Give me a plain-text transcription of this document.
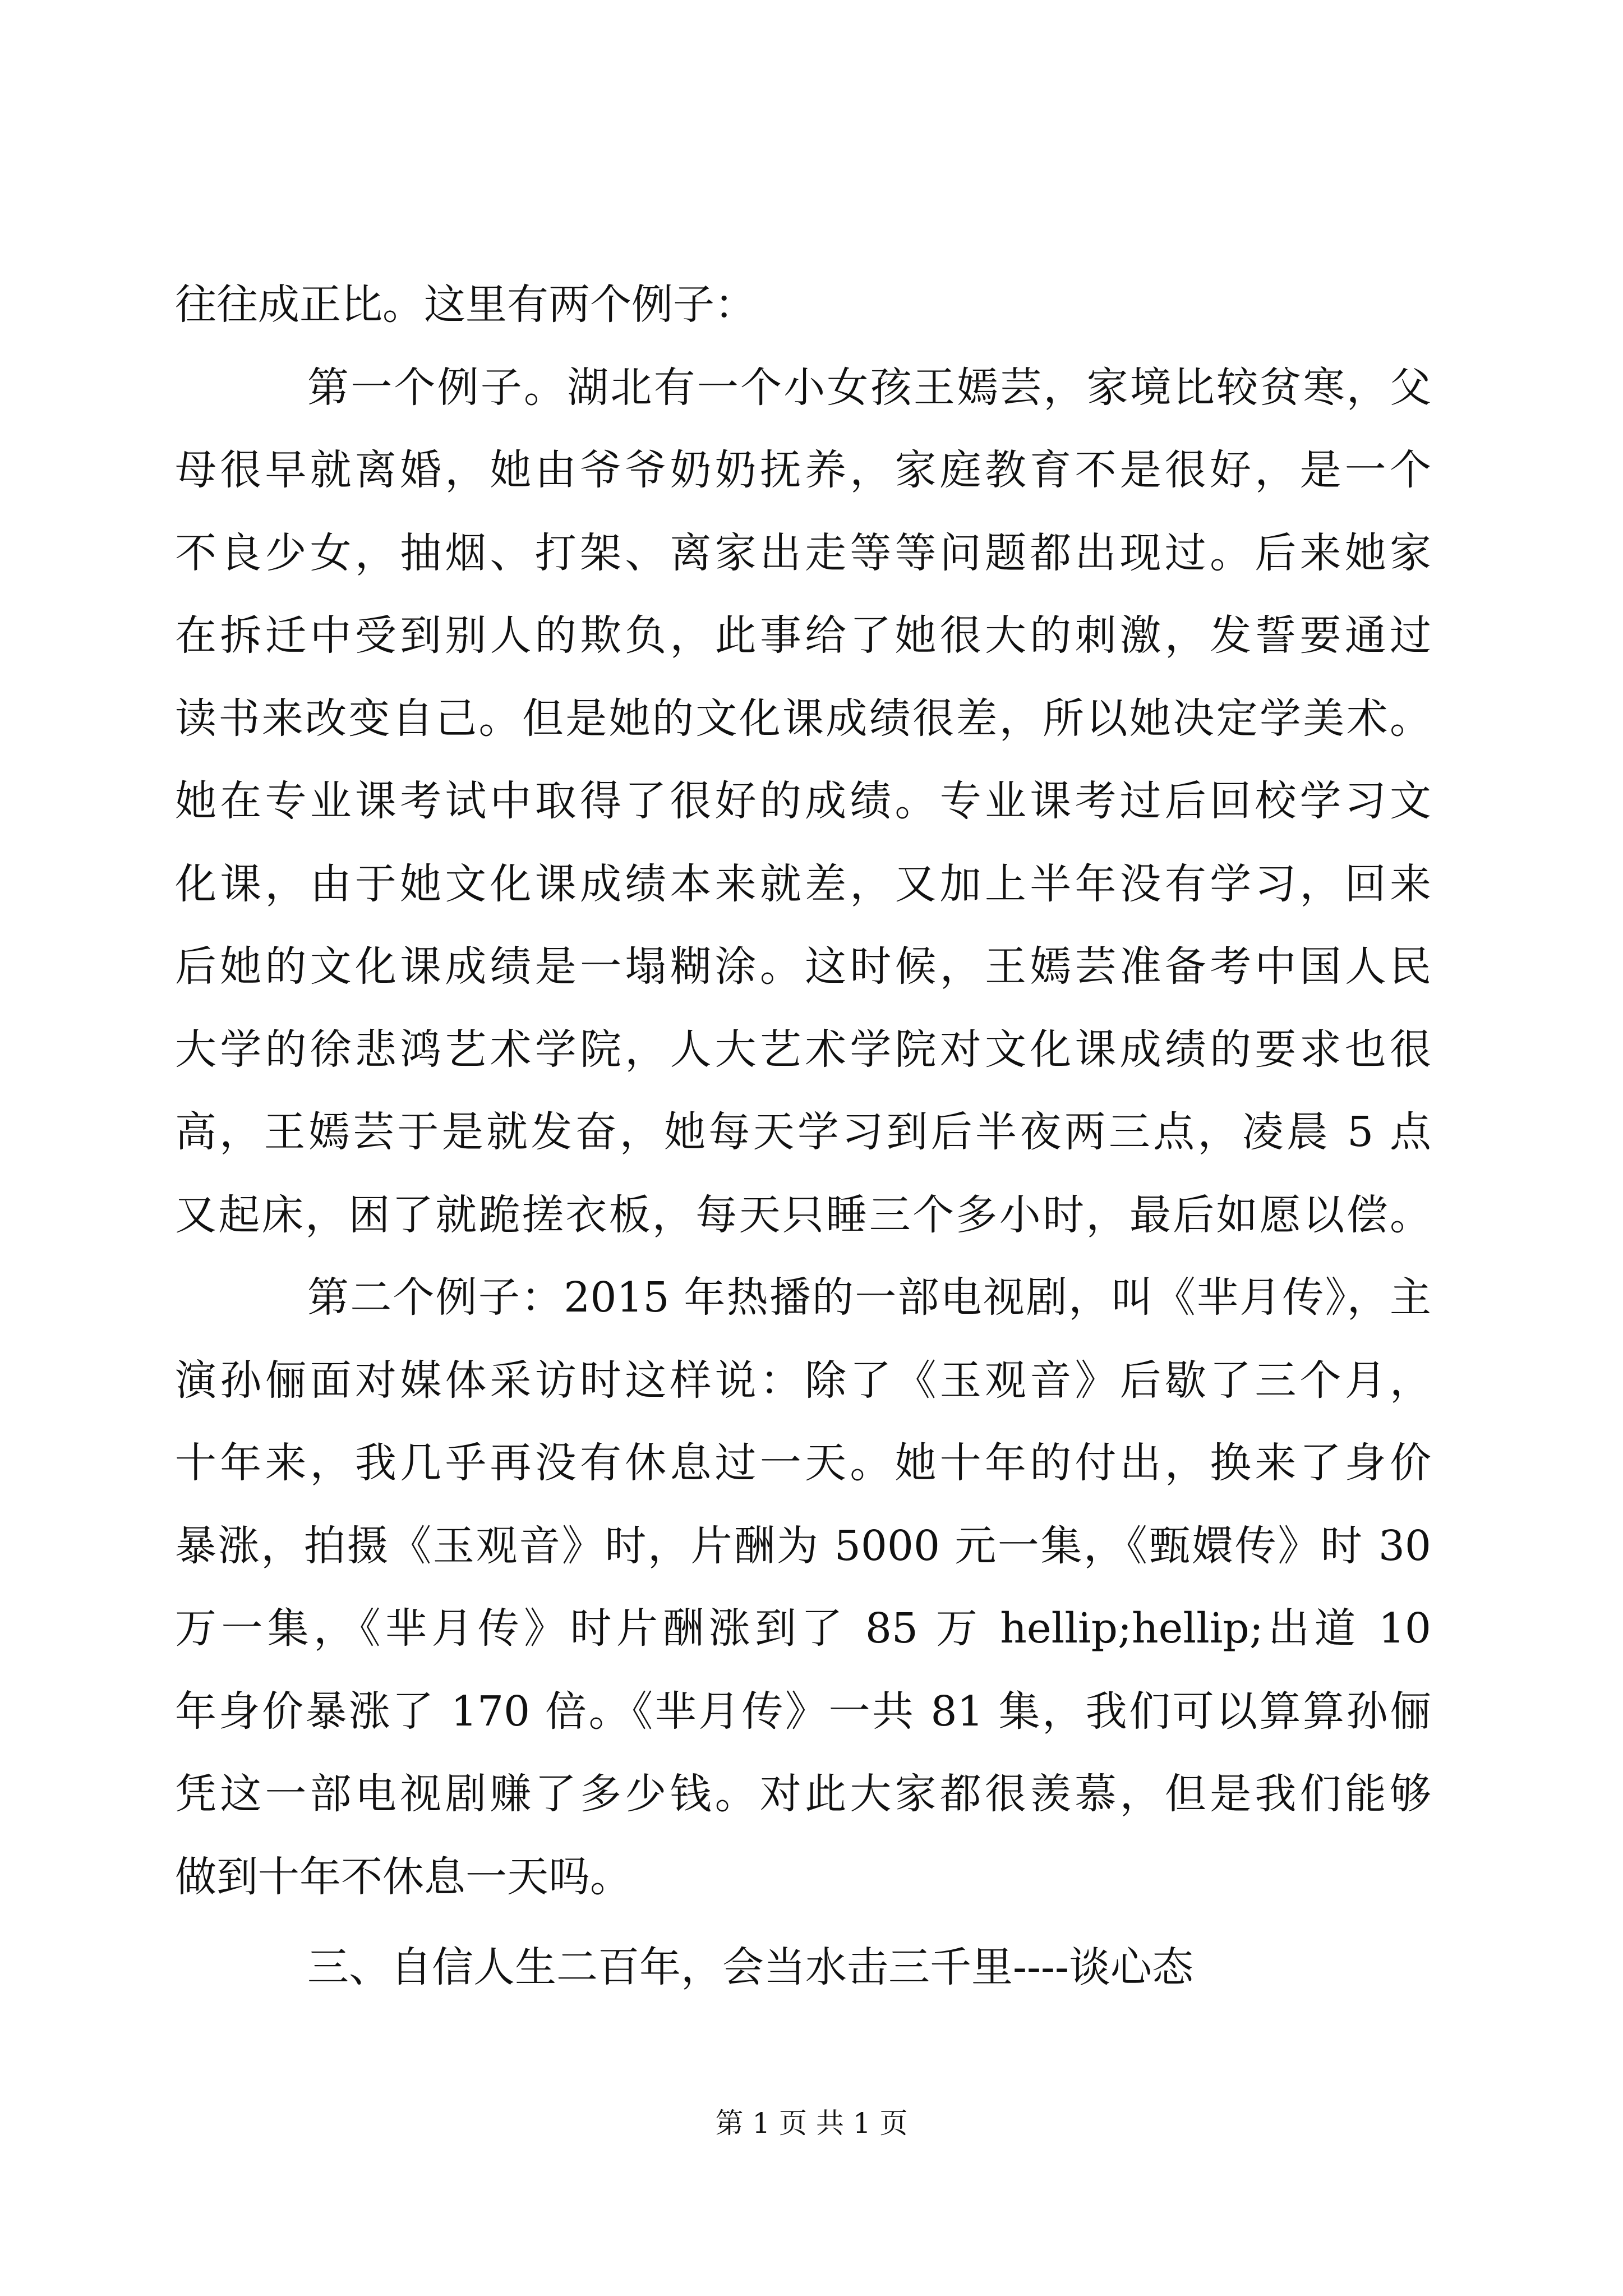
往往成正比。这里有两个例子：
第一个例子。湖北有一个小女孩王嫣芸，家境比较贫寒，父
母很早就离婚，她由爷爷奶奶抚养，家庭教育不是很好，是一个
不良少女，抽烟、打架、离家出走等等问题都出现过。后来她家
在拆迁中受到别人的欺负，此事给了她很大的刺激，发誓要通过
读书来改变自己。但是她的文化课成绩很差，所以她决定学美术。
她在专业课考试中取得了很好的成绩。专业课考过后回校学习文
化课，由于她文化课成绩本来就差，又加上半年没有学习，回来
后她的文化课成绩是一塌糊涂。这时候，王嫣芸准备考中国人民
大学的徐悲鸿艺术学院，人大艺术学院对文化课成绩的要求也很
高，王嫣芸于是就发奋，她每天学习到后半夜两三点，凌晨 5 点
又起床，困了就跪搓衣板，每天只睡三个多小时，最后如愿以偿。
第二个例子：2015 年热播的一部电视剧，叫《芈月传》，主
演孙俪面对媒体采访时这样说：除了《玉观音》后歇了三个月，
十年来，我几乎再没有休息过一天。她十年的付出，换来了身价
暴涨，拍摄《玉观音》时，片酬为 5000 元一集，《甄嬛传》时 30
万一集，《芈月传》时片酬涨到了 85 万 hellip;hellip;出道 10
年身价暴涨了 170 倍。《芈月传》一共 81 集，我们可以算算孙俪
凭这一部电视剧赚了多少钱。对此大家都很羡慕，但是我们能够
做到十年不休息一天吗。
三、自信人生二百年，会当水击三千里----谈心态
第 1 页 共 1 页
